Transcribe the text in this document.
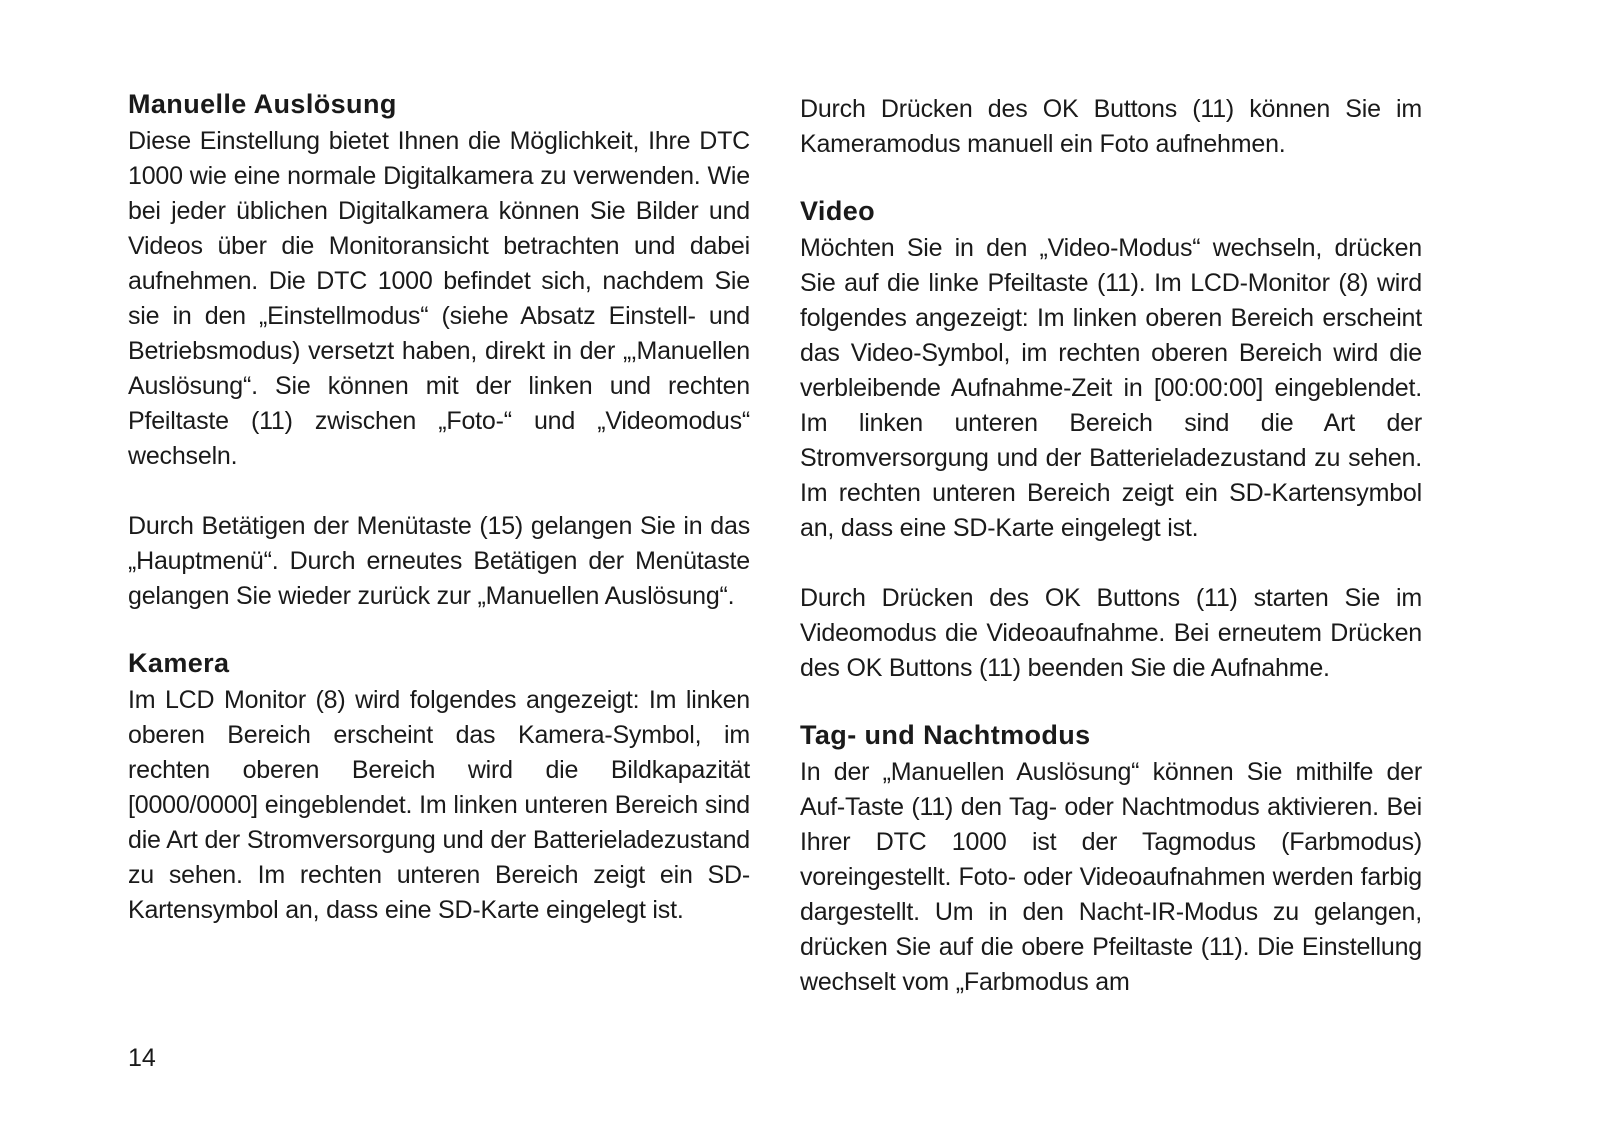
Manuelle Auslösung

Diese Einstellung bietet Ihnen die Möglichkeit, Ihre DTC 1000 wie eine normale Digitalkamera zu verwenden. Wie bei jeder üblichen Digitalkamera können Sie Bilder und Videos über die Monitoransicht betrachten und dabei aufnehmen. Die DTC 1000 befindet sich, nachdem Sie sie in den „Einstellmodus“ (siehe Absatz Einstell- und Betriebsmodus) versetzt haben, direkt in der „‚Manuellen Auslösung“. Sie können mit der linken und rechten Pfeiltaste (11) zwischen „Foto-“ und „Videomodus“ wechseln.

Durch Betätigen der Menütaste (15) gelangen Sie in das „Hauptmenü“. Durch erneutes Betätigen der Menütaste gelangen Sie wieder zurück zur „Manuellen Auslösung“.

Kamera

Im LCD Monitor (8) wird folgendes angezeigt: Im linken oberen Bereich erscheint das Kamera-Symbol, im rechten oberen Bereich wird die Bildkapazität [0000/0000] eingeblendet. Im linken unteren Bereich sind die Art der Stromversorgung und der Batterieladezustand zu sehen. Im rechten unteren Bereich zeigt ein SD-Kartensymbol an, dass eine SD-Karte eingelegt ist.

Durch Drücken des OK Buttons (11) können Sie im Kameramodus manuell ein Foto aufnehmen.

Video

Möchten Sie in den „Video-Modus“ wechseln, drücken Sie auf die linke Pfeiltaste (11). Im LCD-Monitor (8) wird folgendes angezeigt: Im linken oberen Bereich erscheint das Video-Symbol, im rechten oberen Bereich wird die verbleibende Aufnahme-Zeit in [00:00:00] eingeblendet. Im linken unteren Bereich sind die Art der Stromversorgung und der Batterieladezustand zu sehen. Im rechten unteren Bereich zeigt ein SD-Kartensymbol an, dass eine SD-Karte eingelegt ist.

Durch Drücken des OK Buttons (11) starten Sie im Videomodus die Videoaufnahme. Bei erneutem Drücken des OK Buttons (11) beenden Sie die Aufnahme.

Tag- und Nachtmodus

In der „Manuellen Auslösung“ können Sie mithilfe der Auf-Taste (11) den Tag- oder Nachtmodus aktivieren. Bei Ihrer DTC 1000 ist der Tagmodus (Farbmodus) voreingestellt. Foto- oder Videoaufnahmen werden farbig dargestellt. Um in den Nacht-IR-Modus zu gelangen, drücken Sie auf die obere Pfeiltaste (11). Die Einstellung wechselt vom „Farbmodus am

14
